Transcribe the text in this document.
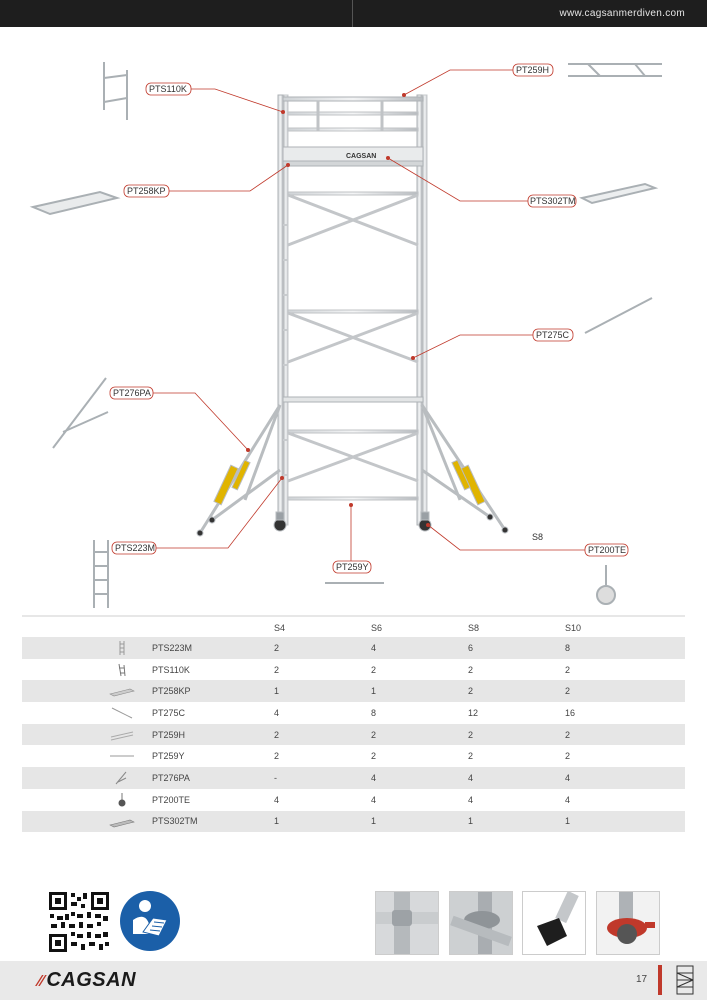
www.cagsanmerdiven.com
CAGSAN
PTS110K
PT259H
PT258KP
PTS302TM
PT275C
PT276PA
PTS223M
PT259Y
PT200TE
S8
S4	S6	S8	S10
PTS223M	2	4	6	8
PTS110K	2	2	2	2
PT258KP	1	1	2	2
PT275C	4	8	12	16
PT259H	2	2	2	2
PT259Y	2	2	2	2
PT276PA	-	4	4	4
PT200TE	4	4	4	4
PTS302TM	1	1	1	1
⁄⁄ CAGSAN	17
